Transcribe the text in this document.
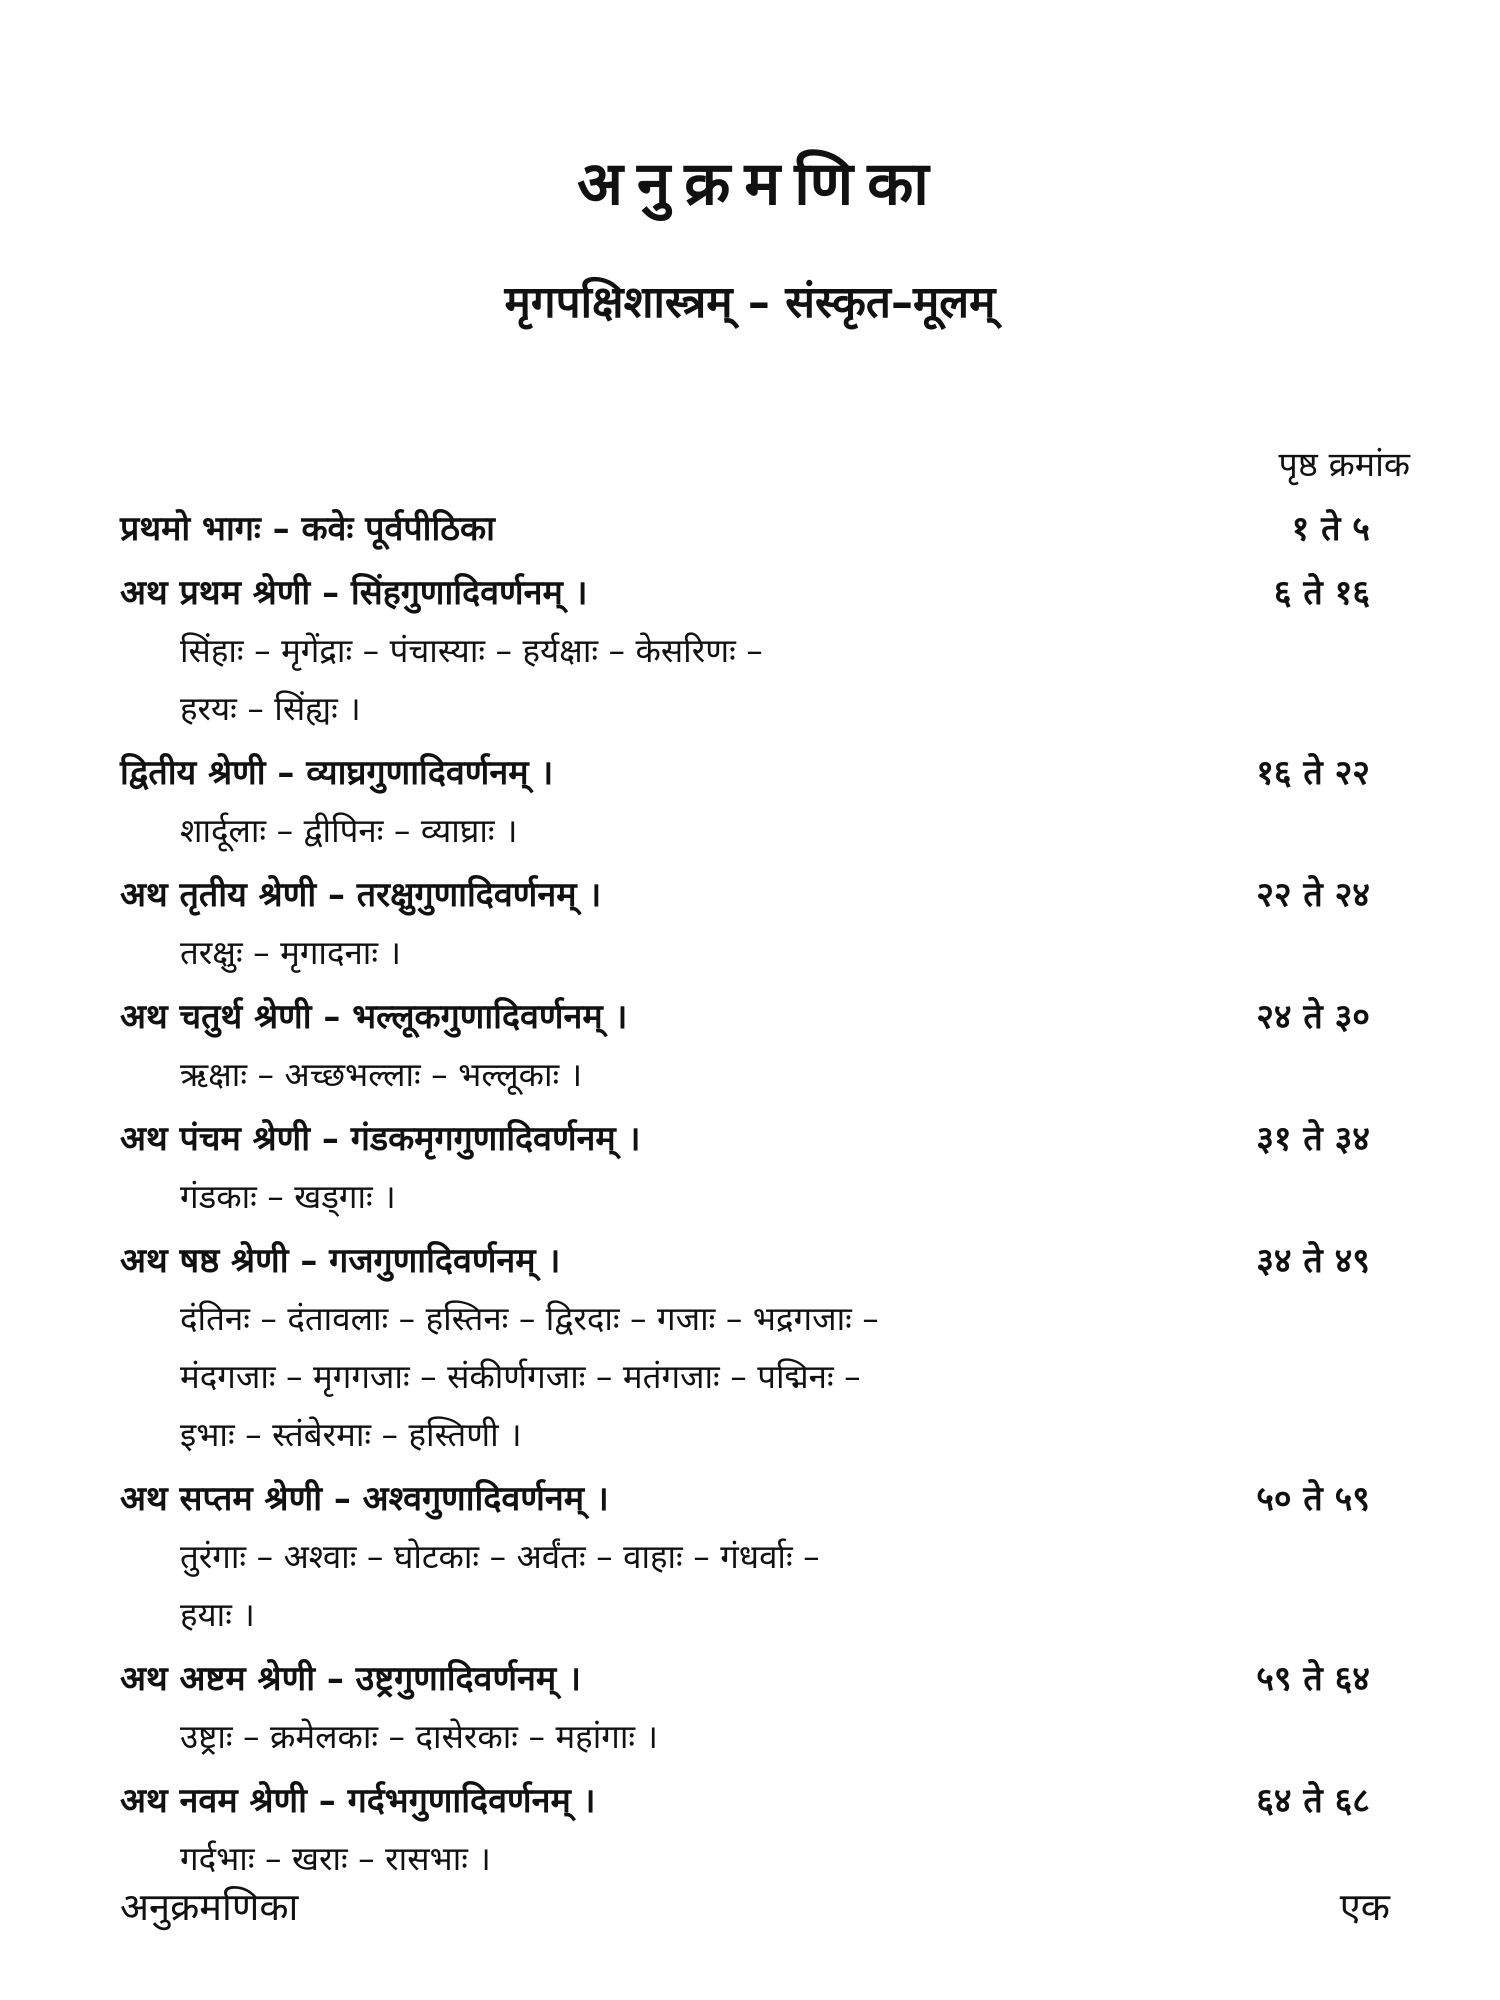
अनुक्रमणिका
मृगपक्षिशास्त्रम् – संस्कृत–मूलम्
पृष्ठ क्रमांक
प्रथमो भागः – कवेः पूर्वपीठिका	१ ते ५
अथ प्रथम श्रेणी – सिंहगुणादिवर्णनम् ।	६ ते १६
सिंहाः – मृगेंद्राः – पंचास्याः – हर्यक्षाः – केसरिणः –
हरयः – सिंह्यः ।
द्वितीय श्रेणी – व्याघ्रगुणादिवर्णनम् ।	१६ ते २२
शार्दूलाः – द्वीपिनः – व्याघ्राः ।
अथ तृतीय श्रेणी – तरक्षुगुणादिवर्णनम् ।	२२ ते २४
तरक्षुः – मृगादनाः ।
अथ चतुर्थ श्रेणी – भल्लूकगुणादिवर्णनम् ।	२४ ते ३०
ऋक्षाः – अच्छभल्लाः – भल्लूकाः ।
अथ पंचम श्रेणी – गंडकमृगगुणादिवर्णनम् ।	३१ ते ३४
गंडकाः – खड्गाः ।
अथ षष्ठ श्रेणी – गजगुणादिवर्णनम् ।	३४ ते ४९
दंतिनः – दंतावलाः – हस्तिनः – द्विरदाः – गजाः – भद्रगजाः –
मंदगजाः – मृगगजाः – संकीर्णगजाः – मतंगजाः – पद्मिनः –
इभाः – स्तंबेरमाः – हस्तिणी ।
अथ सप्तम श्रेणी – अश्वगुणादिवर्णनम् ।	५० ते ५९
तुरंगाः – अश्वाः – घोटकाः – अर्वंतः – वाहाः – गंधर्वाः –
हयाः ।
अथ अष्टम श्रेणी – उष्ट्रगुणादिवर्णनम् ।	५९ ते ६४
उष्ट्राः – क्रमेलकाः – दासेरकाः – महांगाः ।
अथ नवम श्रेणी – गर्दभगुणादिवर्णनम् ।	६४ ते ६८
गर्दभाः – खराः – रासभाः ।
अनुक्रमणिका	एक
